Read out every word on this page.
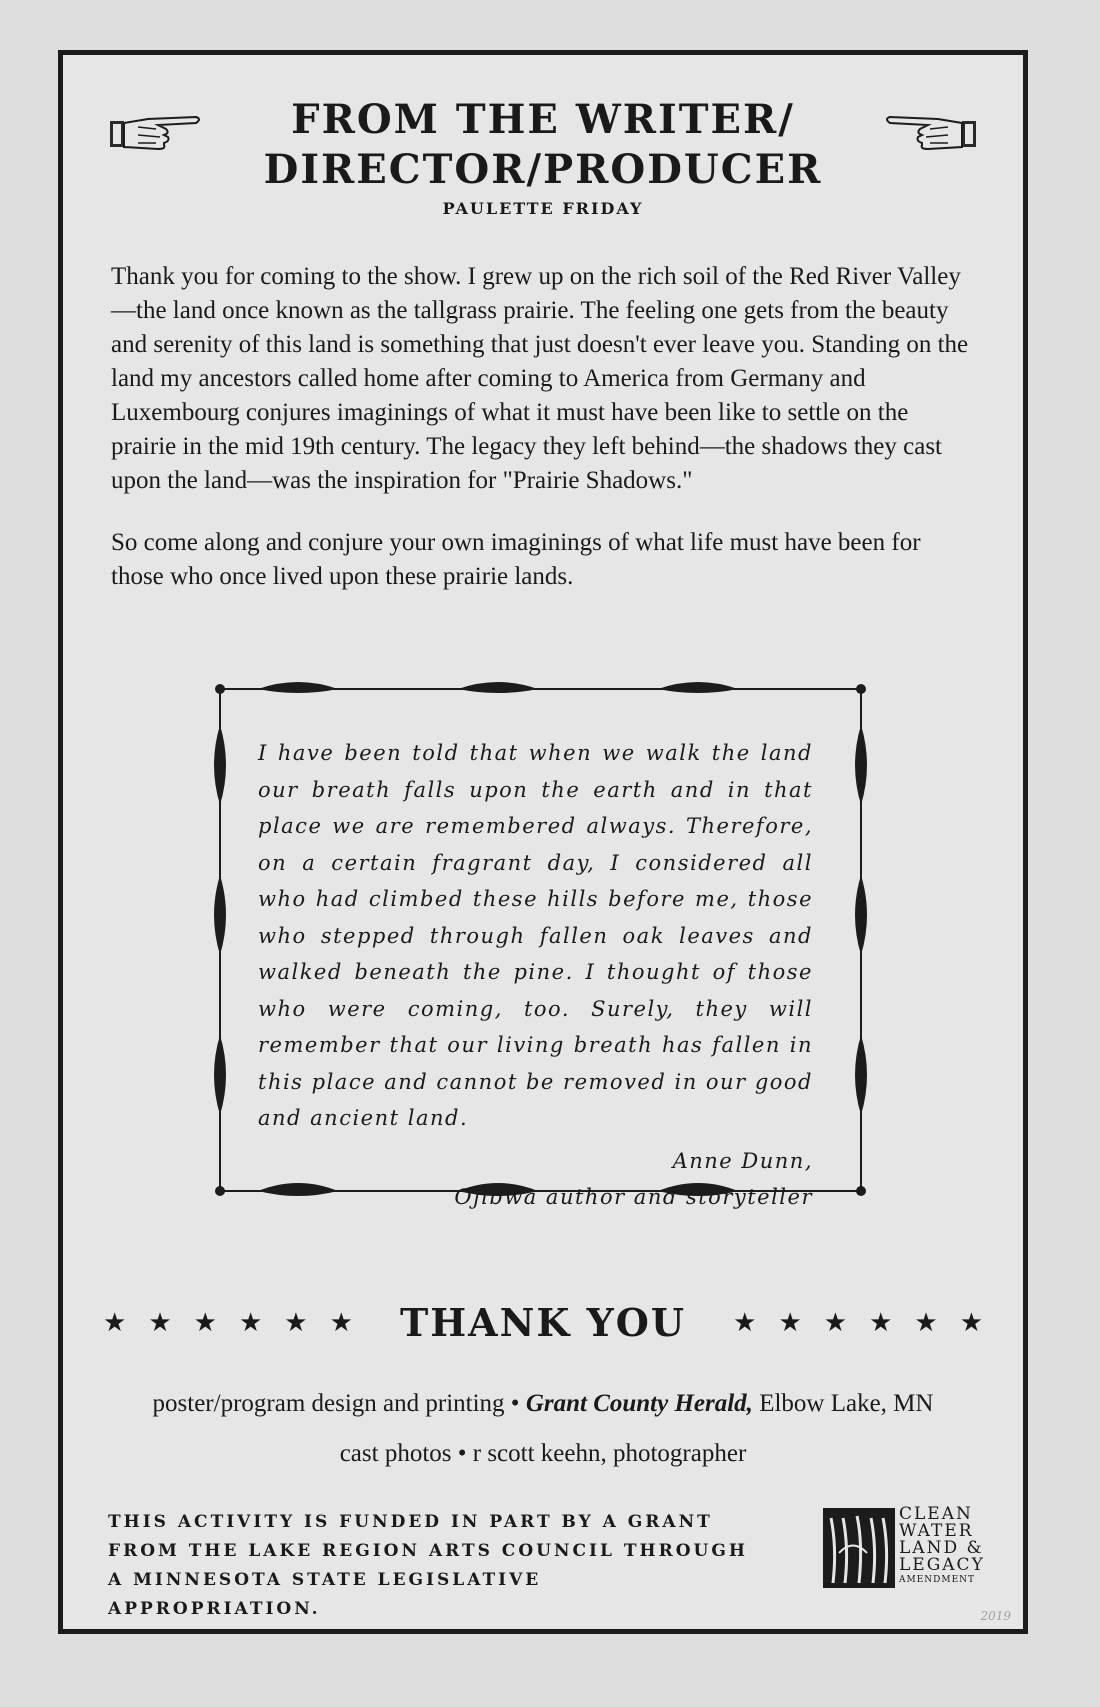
FROM THE WRITER/
DIRECTOR/PRODUCER
PAULETTE FRIDAY

Thank you for coming to the show. I grew up on the rich soil of the Red River Valley —the land once known as the tallgrass prairie. The feeling one gets from the beauty and serenity of this land is something that just doesn't ever leave you. Standing on the land my ancestors called home after coming to America from Germany and Luxembourg conjures imaginings of what it must have been like to settle on the prairie in the mid 19th century. The legacy they left behind—the shadows they cast upon the land—was the inspiration for "Prairie Shadows."

So come along and conjure your own imaginings of what life must have been for those who once lived upon these prairie lands.

I have been told that when we walk the land our breath falls upon the earth and in that place we are remembered always. Therefore, on a certain fragrant day, I considered all who had climbed these hills before me, those who stepped through fallen oak leaves and walked beneath the pine. I thought of those who were coming, too. Surely, they will remember that our living breath has fallen in this place and cannot be removed in our good and ancient land.
Anne Dunn,
Ojibwa author and storyteller
★ ★ ★ ★ ★ ★ THANK YOU ★ ★ ★ ★ ★ ★
poster/program design and printing • Grant County Herald, Elbow Lake, MN
cast photos • r scott keehn, photographer
THIS ACTIVITY IS FUNDED IN PART BY A GRANT FROM THE LAKE REGION ARTS COUNCIL THROUGH A MINNESOTA STATE LEGISLATIVE APPROPRIATION.
CLEAN
WATER
LAND &
LEGACY
AMENDMENT
2019
